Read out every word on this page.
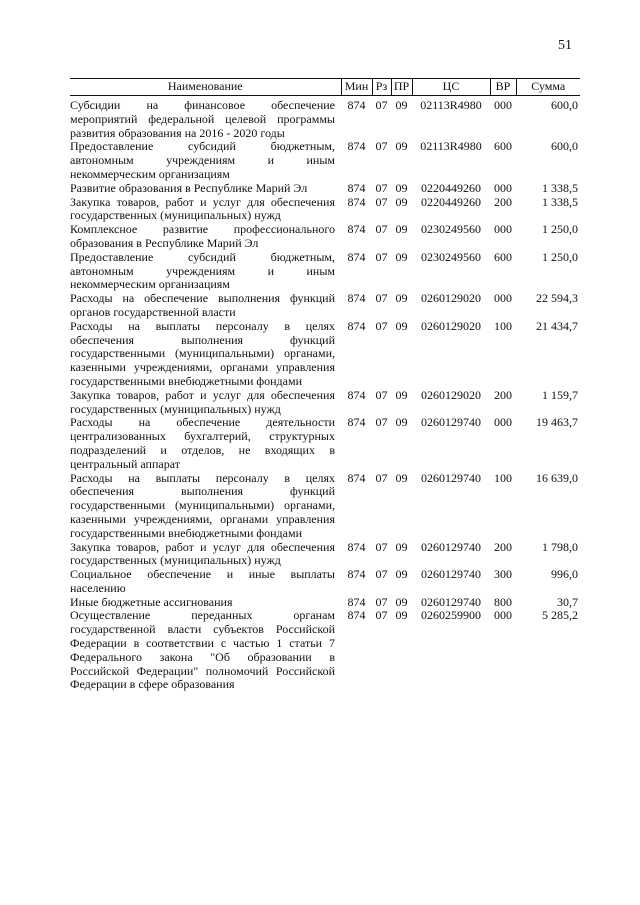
51
Наименование	Мин	Рз	ПР	ЦС	ВР	Сумма
Субсидии на финансовое обеспечение мероприятий федеральной целевой программы развития образования на 2016 - 2020 годы	874	07	09	02113R4980	000	600,0
Предоставление субсидий бюджетным, автономным учреждениям и иным некоммерческим организациям	874	07	09	02113R4980	600	600,0
Развитие образования в Республике Марий Эл	874	07	09	0220449260	000	1 338,5
Закупка товаров, работ и услуг для обеспечения государственных (муниципальных) нужд	874	07	09	0220449260	200	1 338,5
Комплексное развитие профессионального образования в Республике Марий Эл	874	07	09	0230249560	000	1 250,0
Предоставление субсидий бюджетным, автономным учреждениям и иным некоммерческим организациям	874	07	09	0230249560	600	1 250,0
Расходы на обеспечение выполнения функций органов государственной власти	874	07	09	0260129020	000	22 594,3
Расходы на выплаты персоналу в целях обеспечения выполнения функций государственными (муниципальными) органами, казенными учреждениями, органами управления государственными внебюджетными фондами	874	07	09	0260129020	100	21 434,7
Закупка товаров, работ и услуг для обеспечения государственных (муниципальных) нужд	874	07	09	0260129020	200	1 159,7
Расходы на обеспечение деятельности централизованных бухгалтерий, структурных подразделений и отделов, не входящих в центральный аппарат	874	07	09	0260129740	000	19 463,7
Расходы на выплаты персоналу в целях обеспечения выполнения функций государственными (муниципальными) органами, казенными учреждениями, органами управления государственными внебюджетными фондами	874	07	09	0260129740	100	16 639,0
Закупка товаров, работ и услуг для обеспечения государственных (муниципальных) нужд	874	07	09	0260129740	200	1 798,0
Социальное обеспечение и иные выплаты населению	874	07	09	0260129740	300	996,0
Иные бюджетные ассигнования	874	07	09	0260129740	800	30,7
Осуществление переданных органам государственной власти субъектов Российской Федерации в соответствии с частью 1 статьи 7 Федерального закона "Об образовании в Российской Федерации" полномочий Российской Федерации в сфере образования	874	07	09	0260259900	000	5 285,2
